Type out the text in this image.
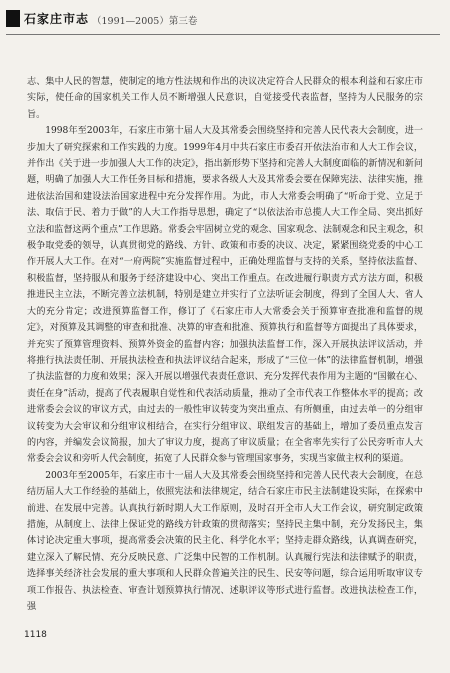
石家庄市志 （1991—2005）第三卷

志、集中人民的智慧，使制定的地方性法规和作出的决议决定符合人民群众的根本利益和石家庄市实际，使任命的国家机关工作人员不断增强人民意识，自觉接受代表监督，坚持为人民服务的宗旨。

1998年至2003年，石家庄市第十届人大及其常委会围绕坚持和完善人民代表大会制度，进一步加大了研究探索和工作实践的力度。1999年4月中共石家庄市委召开依法治市和人大工作会议，并作出《关于进一步加强人大工作的决定》，指出新形势下坚持和完善人大制度面临的新情况和新问题，明确了加强人大工作任务目标和措施，要求各级人大及其常委会要在保障宪法、法律实施，推进依法治国和建设法治国家进程中充分发挥作用。为此，市人大常委会明确了“听命于党、立足于法、取信于民、着力于做”的人大工作指导思想，确定了“以依法治市总揽人大工作全局、突出抓好立法和监督这两个重点”工作思路。常委会牢固树立党的观念、国家观念、法制观念和民主观念，积极争取党委的领导，认真贯彻党的路线、方针、政策和市委的决议、决定，紧紧围绕党委的中心工作开展人大工作。在对“一府两院”实施监督过程中，正确处理监督与支持的关系，坚持依法监督、积极监督，坚持服从和服务于经济建设中心、突出工作重点。在改进履行职责方式方法方面，积极推进民主立法，不断完善立法机制，特别是建立并实行了立法听证会制度，得到了全国人大、省人大的充分肯定；改进预算监督工作，修订了《石家庄市人大常委会关于预算审查批准和监督的规定》，对预算及其调整的审查和批准、决算的审查和批准、预算执行和监督等方面提出了具体要求，并充实了预算管理资料、预算外资金的监督内容；加强执法监督工作，深入开展执法评议活动，并将推行执法责任制、开展执法检查和执法评议结合起来，形成了“三位一体”的法律监督机制，增强了执法监督的力度和效果；深入开展以增强代表责任意识、充分发挥代表作用为主题的“国徽在心、责任在身”活动，提高了代表履职自觉性和代表活动质量，推动了全市代表工作整体水平的提高；改进常委会会议的审议方式，由过去的一般性审议转变为突出重点、有所侧重，由过去单一的分组审议转变为大会审议和分组审议相结合，在实行分组审议、联组发言的基础上，增加了委员重点发言的内容，并编发会议简报，加大了审议力度，提高了审议质量；在全省率先实行了公民旁听市人大常委会会议和旁听人代会制度，拓宽了人民群众参与管理国家事务，实现当家做主权利的渠道。

2003年至2005年，石家庄市十一届人大及其常委会围绕坚持和完善人民代表大会制度，在总结历届人大工作经验的基础上，依照宪法和法律规定，结合石家庄市民主法制建设实际，在探索中前进、在发展中完善。认真执行新时期人大工作原则，及时召开全市人大工作会议，研究制定政策措施，从制度上、法律上保证党的路线方针政策的贯彻落实；坚持民主集中制，充分发扬民主，集体讨论决定重大事项，提高常委会决策的民主化、科学化水平；坚持走群众路线，认真调查研究，建立深入了解民情、充分反映民意、广泛集中民智的工作机制。认真履行宪法和法律赋予的职责，选择事关经济社会发展的重大事项和人民群众普遍关注的民生、民安等问题，综合运用听取审议专项工作报告、执法检查、审查计划预算执行情况、述职评议等形式进行监督。改进执法检查工作，强

1118
